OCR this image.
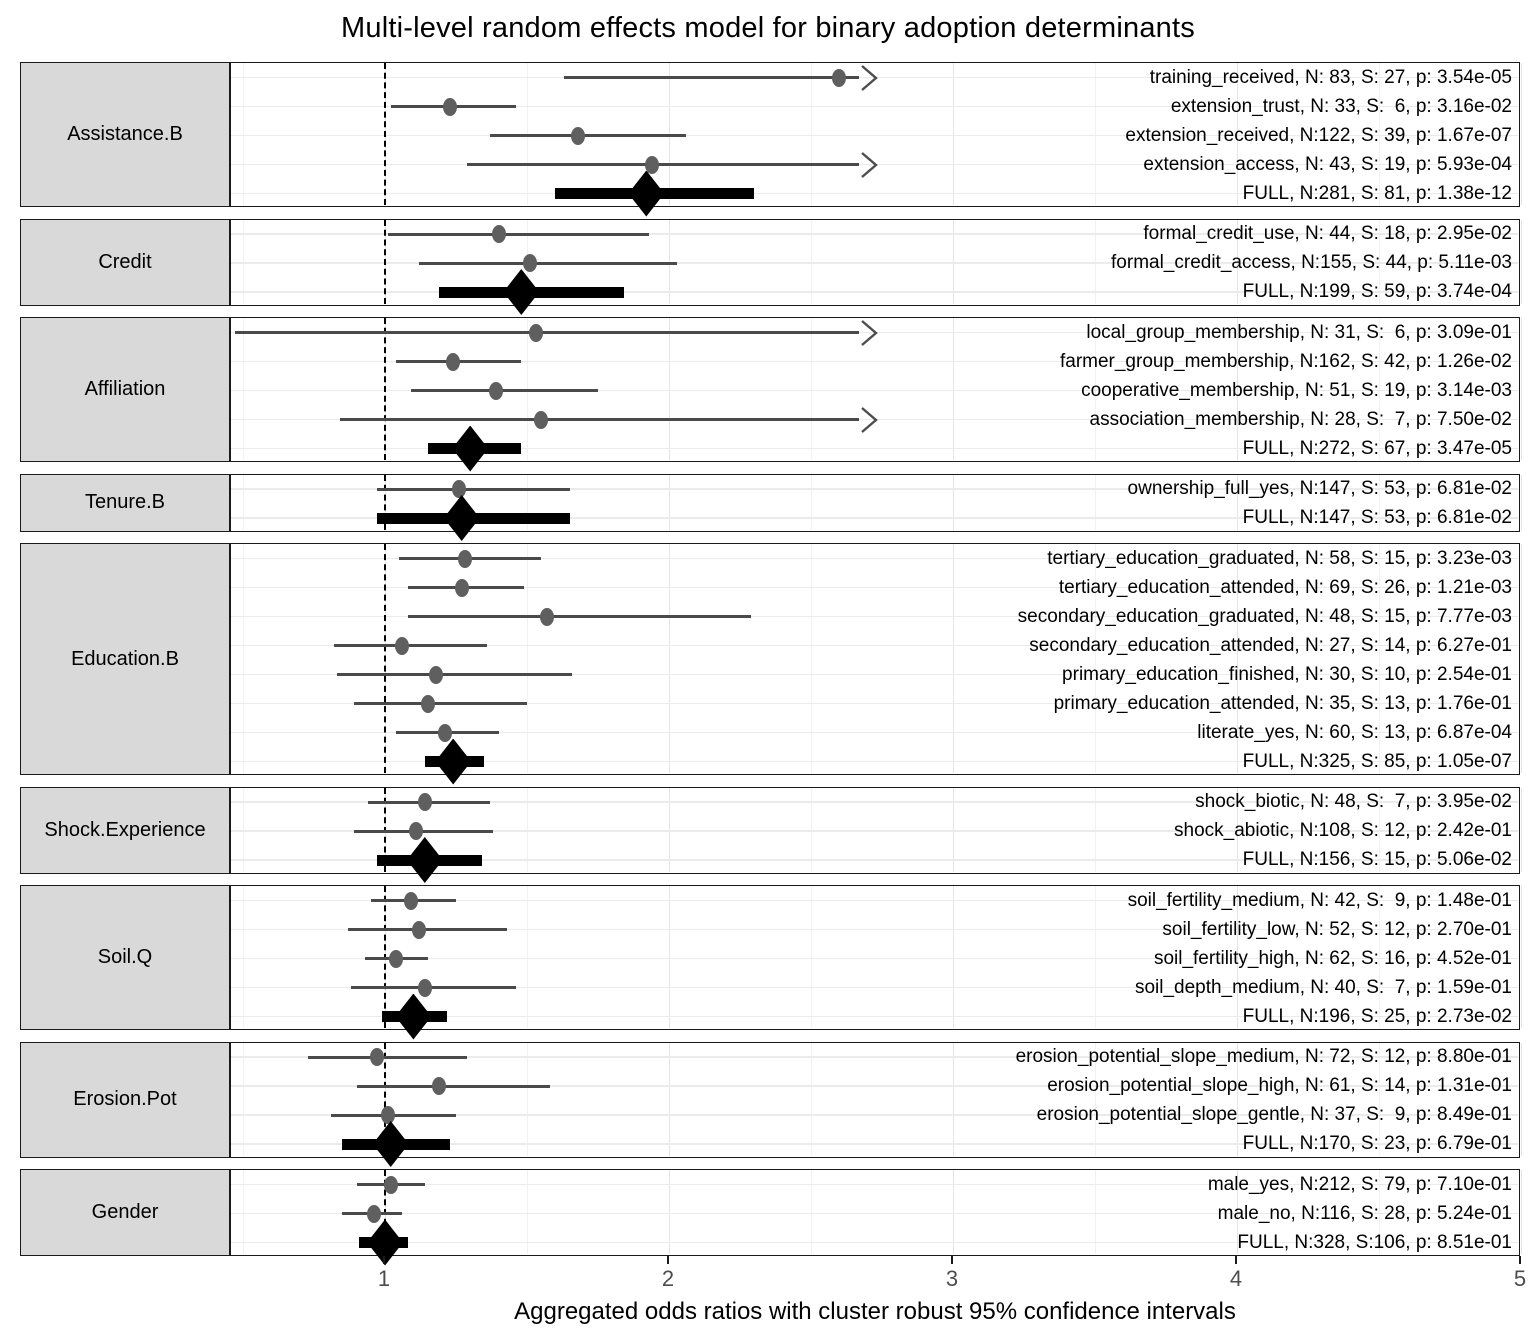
Multi-level random effects model for binary adoption determinants
Assistance.B
training_received, N: 83, S: 27, p: 3.54e-05
extension_trust, N: 33, S:  6, p: 3.16e-02
extension_received, N:122, S: 39, p: 1.67e-07
extension_access, N: 43, S: 19, p: 5.93e-04
FULL, N:281, S: 81, p: 1.38e-12
Credit
formal_credit_use, N: 44, S: 18, p: 2.95e-02
formal_credit_access, N:155, S: 44, p: 5.11e-03
FULL, N:199, S: 59, p: 3.74e-04
Affiliation
local_group_membership, N: 31, S:  6, p: 3.09e-01
farmer_group_membership, N:162, S: 42, p: 1.26e-02
cooperative_membership, N: 51, S: 19, p: 3.14e-03
association_membership, N: 28, S:  7, p: 7.50e-02
FULL, N:272, S: 67, p: 3.47e-05
Tenure.B
ownership_full_yes, N:147, S: 53, p: 6.81e-02
FULL, N:147, S: 53, p: 6.81e-02
Education.B
tertiary_education_graduated, N: 58, S: 15, p: 3.23e-03
tertiary_education_attended, N: 69, S: 26, p: 1.21e-03
secondary_education_graduated, N: 48, S: 15, p: 7.77e-03
secondary_education_attended, N: 27, S: 14, p: 6.27e-01
primary_education_finished, N: 30, S: 10, p: 2.54e-01
primary_education_attended, N: 35, S: 13, p: 1.76e-01
literate_yes, N: 60, S: 13, p: 6.87e-04
FULL, N:325, S: 85, p: 1.05e-07
Shock.Experience
shock_biotic, N: 48, S:  7, p: 3.95e-02
shock_abiotic, N:108, S: 12, p: 2.42e-01
FULL, N:156, S: 15, p: 5.06e-02
Soil.Q
soil_fertility_medium, N: 42, S:  9, p: 1.48e-01
soil_fertility_low, N: 52, S: 12, p: 2.70e-01
soil_fertility_high, N: 62, S: 16, p: 4.52e-01
soil_depth_medium, N: 40, S:  7, p: 1.59e-01
FULL, N:196, S: 25, p: 2.73e-02
Erosion.Pot
erosion_potential_slope_medium, N: 72, S: 12, p: 8.80e-01
erosion_potential_slope_high, N: 61, S: 14, p: 1.31e-01
erosion_potential_slope_gentle, N: 37, S:  9, p: 8.49e-01
FULL, N:170, S: 23, p: 6.79e-01
Gender
male_yes, N:212, S: 79, p: 7.10e-01
male_no, N:116, S: 28, p: 5.24e-01
FULL, N:328, S:106, p: 8.51e-01
1	2	3	4	5
Aggregated odds ratios with cluster robust 95% confidence intervals
